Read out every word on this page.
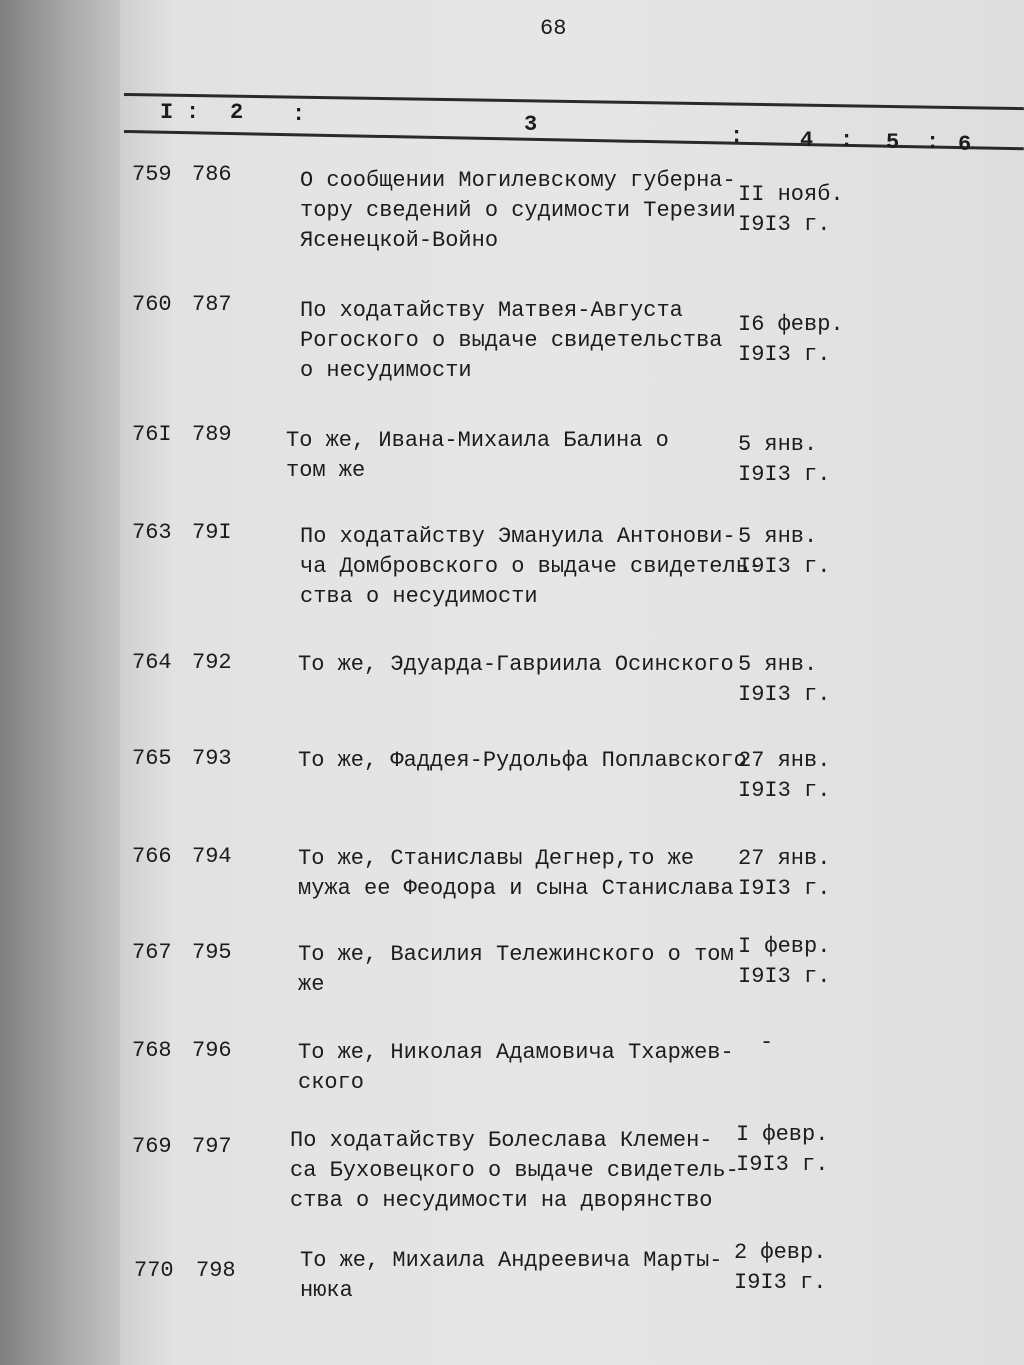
68
I : 2 :	3	:	4 : 5 : 6
759 786	О сообщении Могилевскому губерна-
тору сведений о судимости Терезии
Ясенецкой-Войно
II нояб.
I9I3 г.
760 787	По ходатайству Матвея-Августа
Рогоского о выдаче свидетельства
о несудимости
I6 февр.
I9I3 г.
76I 789 То же, Ивана-Михаила Балина о
том же
5 янв.
I9I3 г.
763 79I	По ходатайству Эмануила Антонови-
ча Домбровского о выдаче свидетель-
ства о несудимости
5 янв.
I9I3 г.
764 792	То же, Эдуарда-Гавриила Осинского 5 янв.
I9I3 г.
765 793	То же, Фаддея-Рудольфа Поплавского
27 янв.
I9I3 г.
766 794	То же, Станиславы Дегнер,то же
мужа ее Феодора и сына Станислава
27 янв.
I9I3 г.
767 795	То же, Василия Тележинского о том
же
I февр.
I9I3 г.
768 796	То же, Николая Адамовича Тхаржев-
ского
-
769 797	По ходатайству Болеслава Клемен-
са Буховецкого о выдаче свидетель-
ства о несудимости на дворянство
I февр.
I9I3 г.
770 798	То же, Михаила Андреевича Марты-
нюка
2 февр.
I9I3 г.
